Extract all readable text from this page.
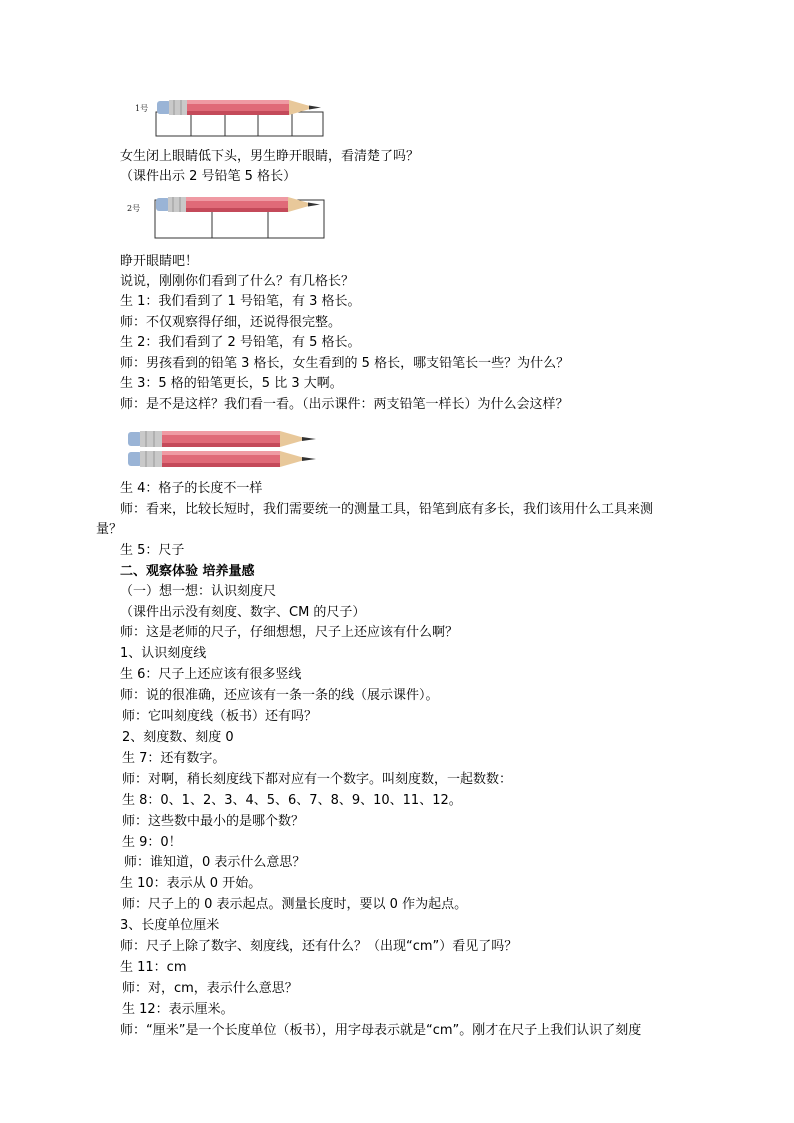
1号
女生闭上眼睛低下头，男生睁开眼睛，看清楚了吗？
（课件出示 2 号铅笔 5 格长）
2号
睁开眼睛吧！
说说，刚刚你们看到了什么？有几格长？
生 1：我们看到了 1 号铅笔，有 3 格长。
师：不仅观察得仔细，还说得很完整。
生 2：我们看到了 2 号铅笔，有 5 格长。
师：男孩看到的铅笔 3 格长，女生看到的 5 格长，哪支铅笔长一些？为什么？
生 3：5 格的铅笔更长，5 比 3 大啊。
师：是不是这样？我们看一看。（出示课件：两支铅笔一样长）为什么会这样？
生 4：格子的长度不一样
师：看来，比较长短时，我们需要统一的测量工具，铅笔到底有多长，我们该用什么工具来测
量？
生 5：尺子
二、观察体验 培养量感
（一）想一想：认识刻度尺
（课件出示没有刻度、数字、CM 的尺子）
师：这是老师的尺子，仔细想想，尺子上还应该有什么啊？
1、认识刻度线
生 6：尺子上还应该有很多竖线
师：说的很准确，还应该有一条一条的线（展示课件）。
师：它叫刻度线（板书）还有吗？
2、刻度数、刻度 0
生 7：还有数字。
师：对啊，稍长刻度线下都对应有一个数字。叫刻度数，一起数数：
生 8：0、1、2、3、4、5、6、7、8、9、10、11、12。
师：这些数中最小的是哪个数？
生 9：0！
师：谁知道，0 表示什么意思？
生 10：表示从 0 开始。
师：尺子上的 0 表示起点。测量长度时，要以 0 作为起点。
3、长度单位厘米
师：尺子上除了数字、刻度线，还有什么？（出现“cm”）看见了吗？
生 11：cm
师：对，cm，表示什么意思？
生 12：表示厘米。
师：“厘米”是一个长度单位（板书），用字母表示就是“cm”。刚才在尺子上我们认识了刻度
